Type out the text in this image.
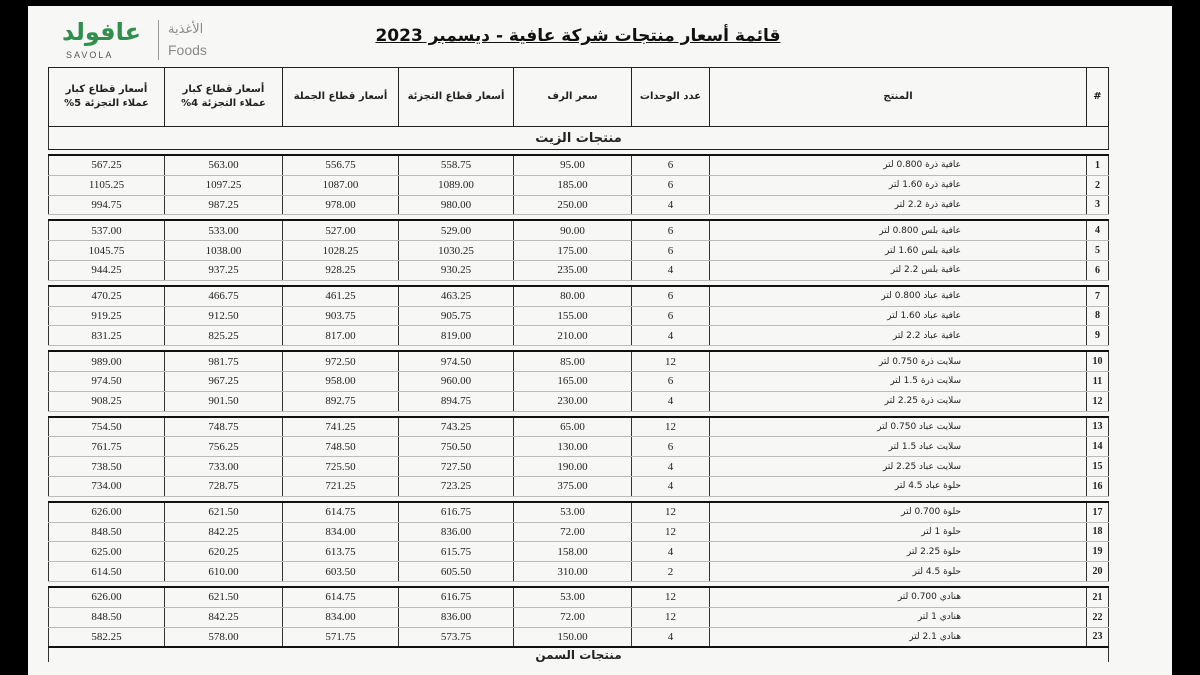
عافولد
SAVOLA
الأغذية
Foods
قائمة أسعار منتجات شركة عافية - ديسمبر 2023
#	المنتج	عدد الوحدات	سعر الرف	أسعار قطاع التجزئة	أسعار قطاع الجملة	أسعار قطاع كبار عملاء التجزئة 4%	أسعار قطاع كبار عملاء التجزئة 5%
منتجات الزيت							

1	عافية ذرة 0.800 لتر	6	95.00	558.75	556.75	563.00	567.25
2	عافية ذرة 1.60 لتر	6	185.00	1089.00	1087.00	1097.25	1105.25
3	عافية ذرة 2.2 لتر	4	250.00	980.00	978.00	987.25	994.75

4	عافية بلس 0.800 لتر	6	90.00	529.00	527.00	533.00	537.00
5	عافية بلس 1.60 لتر	6	175.00	1030.25	1028.25	1038.00	1045.75
6	عافية بلس 2.2 لتر	4	235.00	930.25	928.25	937.25	944.25

7	عافية عباد 0.800 لتر	6	80.00	463.25	461.25	466.75	470.25
8	عافية عباد 1.60 لتر	6	155.00	905.75	903.75	912.50	919.25
9	عافية عباد 2.2 لتر	4	210.00	819.00	817.00	825.25	831.25

10	سلايت ذرة 0.750 لتر	12	85.00	974.50	972.50	981.75	989.00
11	سلايت ذرة 1.5 لتر	6	165.00	960.00	958.00	967.25	974.50
12	سلايت ذرة 2.25 لتر	4	230.00	894.75	892.75	901.50	908.25

13	سلايت عباد 0.750 لتر	12	65.00	743.25	741.25	748.75	754.50
14	سلايت عباد 1.5 لتر	6	130.00	750.50	748.50	756.25	761.75
15	سلايت عباد 2.25 لتر	4	190.00	727.50	725.50	733.00	738.50
16	حلوة عباد 4.5 لتر	4	375.00	723.25	721.25	728.75	734.00

17	حلوة 0.700 لتر	12	53.00	616.75	614.75	621.50	626.00
18	حلوة 1 لتر	12	72.00	836.00	834.00	842.25	848.50
19	حلوة 2.25 لتر	4	158.00	615.75	613.75	620.25	625.00
20	حلوة 4.5 لتر	2	310.00	605.50	603.50	610.00	614.50

21	هنادي 0.700 لتر	12	53.00	616.75	614.75	621.50	626.00
22	هنادي 1 لتر	12	72.00	836.00	834.00	842.25	848.50
23	هنادي 2.1 لتر	4	150.00	573.75	571.75	578.00	582.25
منتجات السمن							
